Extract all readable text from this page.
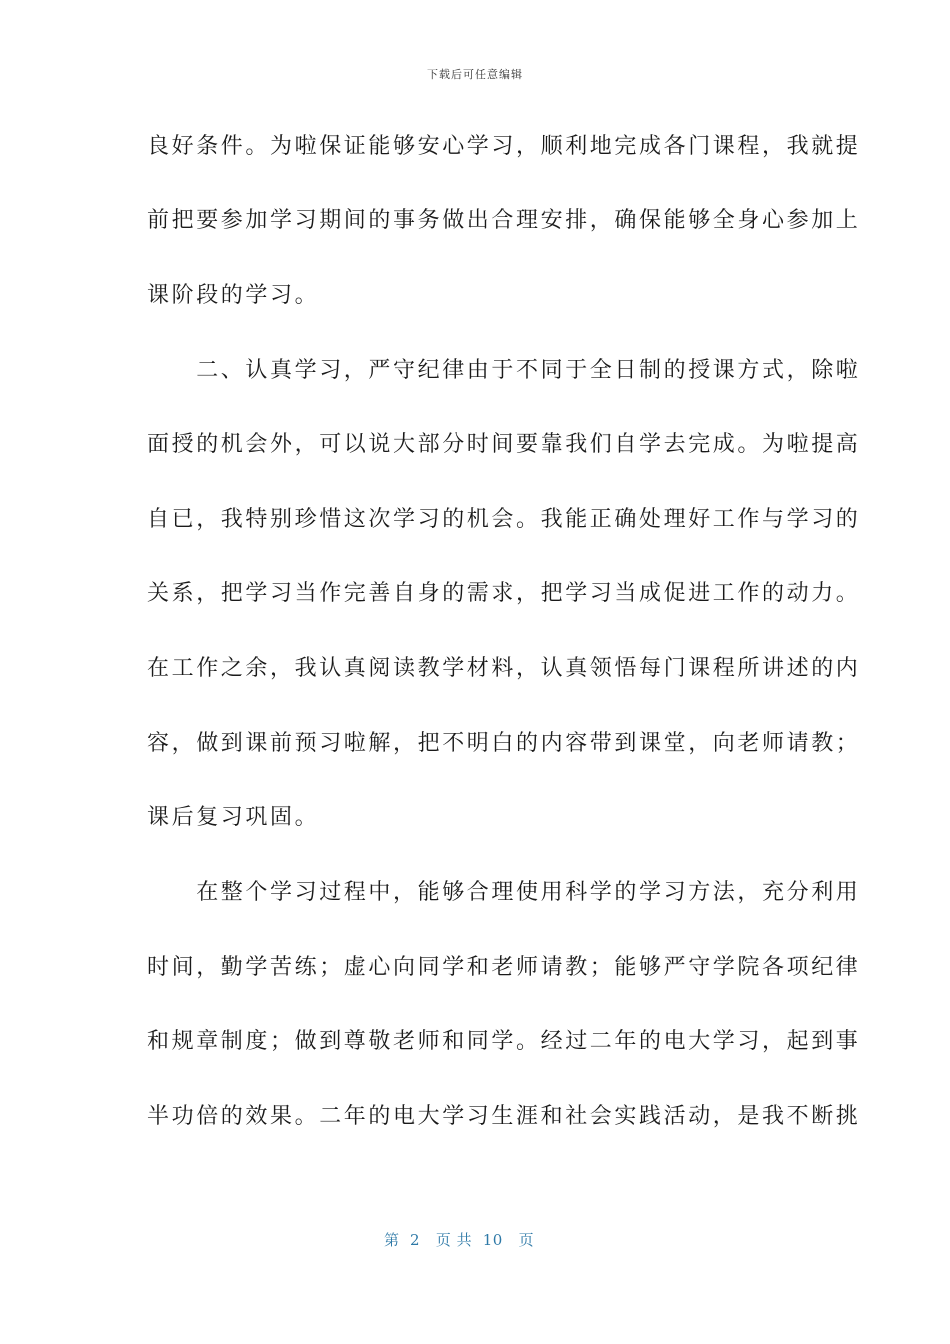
下载后可任意编辑
良好条件。为啦保证能够安心学习，顺利地完成各门课程，我就提
前把要参加学习期间的事务做出合理安排，确保能够全身心参加上
课阶段的学习。
　　二、认真学习，严守纪律由于不同于全日制的授课方式，除啦
面授的机会外，可以说大部分时间要靠我们自学去完成。为啦提高
自已，我特别珍惜这次学习的机会。我能正确处理好工作与学习的
关系，把学习当作完善自身的需求，把学习当成促进工作的动力。
在工作之余，我认真阅读教学材料，认真领悟每门课程所讲述的内
容，做到课前预习啦解，把不明白的内容带到课堂，向老师请教；
课后复习巩固。
　　在整个学习过程中，能够合理使用科学的学习方法，充分利用
时间，勤学苦练；虚心向同学和老师请教；能够严守学院各项纪律
和规章制度；做到尊敬老师和同学。经过二年的电大学习，起到事
半功倍的效果。二年的电大学习生涯和社会实践活动，是我不断挑
第  2   页 共  10   页
